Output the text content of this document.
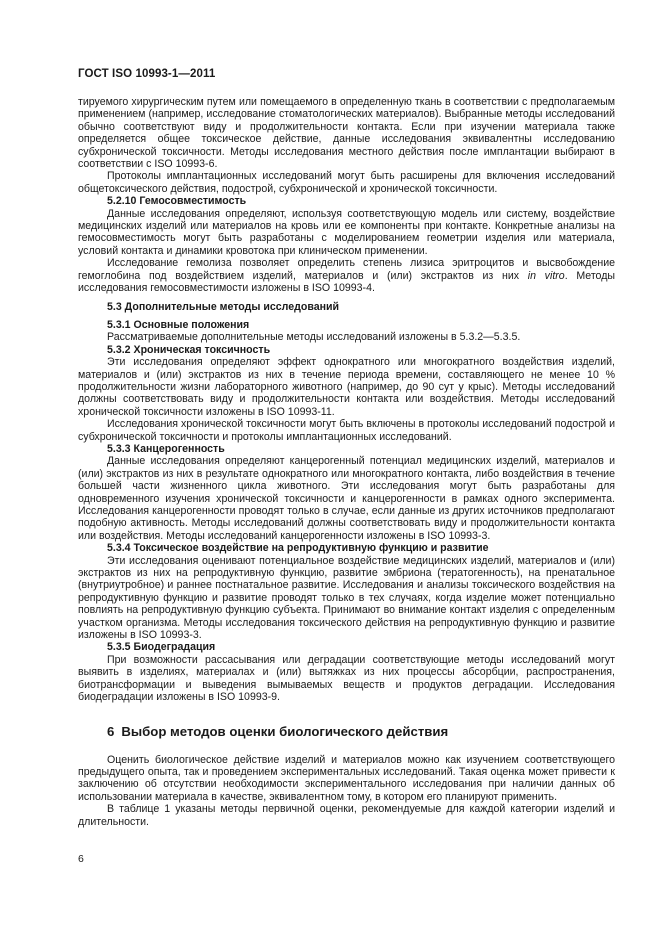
ГОСТ ISO 10993-1—2011

тируемого хирургическим путем или помещаемого в определенную ткань в соответствии с предполагаемым применением (например, исследование стоматологических материалов). Выбранные методы исследований обычно соответствуют виду и продолжительности контакта. Если при изучении материала также определяется общее токсическое действие, данные исследования эквивалентны исследованию субхронической токсичности. Методы исследования местного действия после имплантации выбирают в соответствии с ISO 10993-6.

Протоколы имплантационных исследований могут быть расширены для включения исследований общетоксического действия, подострой, субхронической и хронической токсичности.

5.2.10 Гемосовместимость

Данные исследования определяют, используя соответствующую модель или систему, воздействие медицинских изделий или материалов на кровь или ее компоненты при контакте. Конкретные анализы на гемосовместимость могут быть разработаны с моделированием геометрии изделия или материала, условий контакта и динамики кровотока при клиническом применении.

Исследование гемолиза позволяет определить степень лизиса эритроцитов и высвобождение гемоглобина под воздействием изделий, материалов и (или) экстрактов из них in vitro. Методы исследования гемосовместимости изложены в ISO 10993-4.

5.3 Дополнительные методы исследований

5.3.1 Основные положения

Рассматриваемые дополнительные методы исследований изложены в 5.3.2—5.3.5.

5.3.2 Хроническая токсичность

Эти исследования определяют эффект однократного или многократного воздействия изделий, материалов и (или) экстрактов из них в течение периода времени, составляющего не менее 10 % продолжительности жизни лабораторного животного (например, до 90 сут у крыс). Методы исследований должны соответствовать виду и продолжительности контакта или воздействия. Методы исследований хронической токсичности изложены в ISO 10993-11.

Исследования хронической токсичности могут быть включены в протоколы исследований подострой и субхронической токсичности и протоколы имплантационных исследований.

5.3.3 Канцерогенность

Данные исследования определяют канцерогенный потенциал медицинских изделий, материалов и (или) экстрактов из них в результате однократного или многократного контакта, либо воздействия в течение большей части жизненного цикла животного. Эти исследования могут быть разработаны для одновременного изучения хронической токсичности и канцерогенности в рамках одного эксперимента. Исследования канцерогенности проводят только в случае, если данные из других источников предполагают подобную активность. Методы исследований должны соответствовать виду и продолжительности контакта или воздействия. Методы исследований канцерогенности изложены в ISO 10993-3.

5.3.4 Токсическое воздействие на репродуктивную функцию и развитие

Эти исследования оценивают потенциальное воздействие медицинских изделий, материалов и (или) экстрактов из них на репродуктивную функцию, развитие эмбриона (тератогенность), на пренатальное (внутриутробное) и раннее постнатальное развитие. Исследования и анализы токсического воздействия на репродуктивную функцию и развитие проводят только в тех случаях, когда изделие может потенциально повлиять на репродуктивную функцию субъекта. Принимают во внимание контакт изделия с определенным участком организма. Методы исследования токсического действия на репродуктивную функцию и развитие изложены в ISO 10993-3.

5.3.5 Биодеградация

При возможности рассасывания или деградации соответствующие методы исследований могут выявить в изделиях, материалах и (или) вытяжках из них процессы абсорбции, распространения, биотрансформации и выведения вымываемых веществ и продуктов деградации. Исследования биодеградации изложены в ISO 10993-9.

6 Выбор методов оценки биологического действия

Оценить биологическое действие изделий и материалов можно как изучением соответствующего предыдущего опыта, так и проведением экспериментальных исследований. Такая оценка может привести к заключению об отсутствии необходимости экспериментального исследования при наличии данных об использовании материала в качестве, эквивалентном тому, в котором его планируют применить.

В таблице 1 указаны методы первичной оценки, рекомендуемые для каждой категории изделий и длительности.

6
